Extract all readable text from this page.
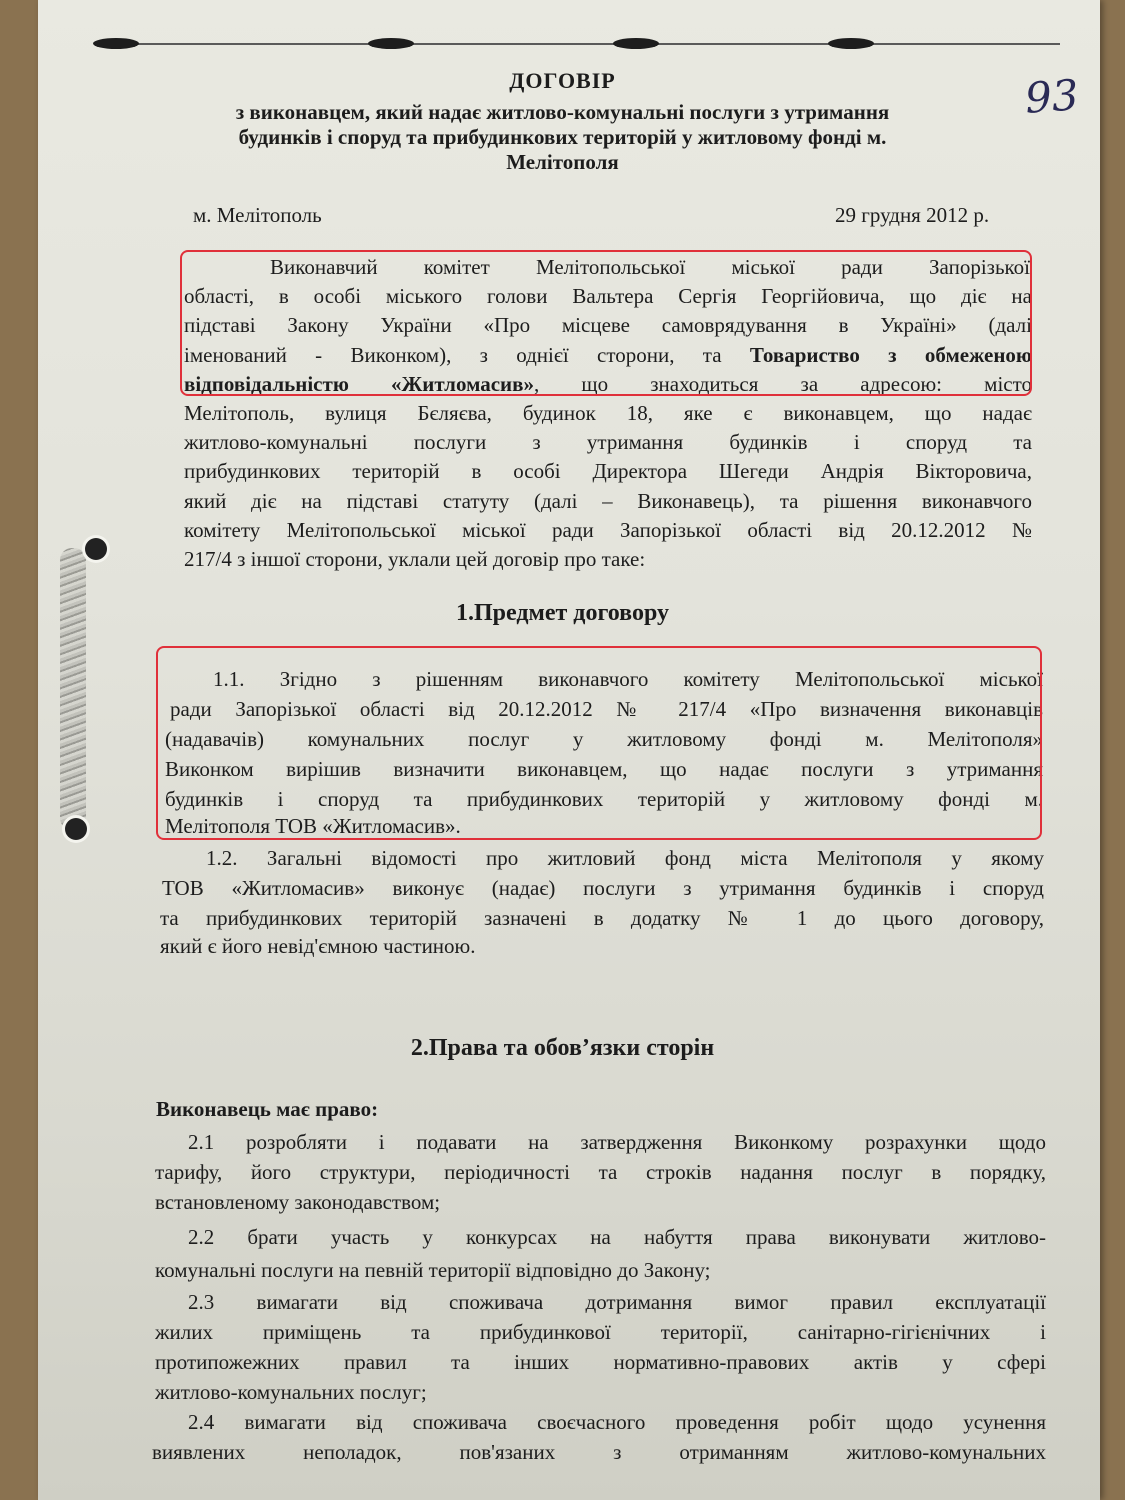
93
ДОГОВІР
з виконавцем, який надає житлово-комунальні послуги з утримання
будинків і споруд та прибудинкових територій у житловому фонді м.
Мелітополя
м. Мелітополь	29 грудня 2012 р.
Виконавчий комітет Мелітопольської міської ради Запорізької
області, в особі міського голови Вальтера Сергія Георгійовича, що діє на
підставі Закону України «Про місцеве самоврядування в Україні» (далі
іменований - Виконком), з однієї сторони, та Товариство з обмеженою
відповідальністю «Житломасив», що знаходиться за адресою: місто
Мелітополь, вулиця Бєляєва, будинок 18, яке є виконавцем, що надає
житлово-комунальні послуги з утримання будинків і споруд та
прибудинкових територій в особі Директора Шегеди Андрія Вікторовича,
який діє на підставі статуту (далі – Виконавець), та рішення виконавчого
комітету Мелітопольської міської ради Запорізької області від 20.12.2012 №
217/4 з іншої сторони, уклали цей договір про таке:
1.Предмет договору
1.1. Згідно з рішенням виконавчого комітету Мелітопольської міської
ради Запорізької області від 20.12.2012 № 217/4 «Про визначення виконавців
(надавачів) комунальних послуг у житловому фонді м. Мелітополя»
Виконком вирішив визначити виконавцем, що надає послуги з утримання
будинків і споруд та прибудинкових територій у житловому фонді м.
Мелітополя ТОВ «Житломасив».
1.2. Загальні відомості про житловий фонд міста Мелітополя у якому
ТОВ «Житломасив» виконує (надає) послуги з утримання будинків і споруд
та прибудинкових територій зазначені в додатку № 1 до цього договору,
який є його невід'ємною частиною.
2.Права та обов’язки сторін
Виконавець має право:
2.1 розробляти і подавати на затвердження Виконкому розрахунки щодо
тарифу, його структури, періодичності та строків надання послуг в порядку,
встановленому законодавством;
2.2 брати участь у конкурсах на набуття права виконувати житлово-
комунальні послуги на певній території відповідно до Закону;
2.3 вимагати від споживача дотримання вимог правил експлуатації
жилих приміщень та прибудинкової території, санітарно-гігієнічних і
протипожежних правил та інших нормативно-правових актів у сфері
житлово-комунальних послуг;
2.4 вимагати від споживача своєчасного проведення робіт щодо усунення
виявлених неполадок, пов'язаних з отриманням житлово-комунальних
